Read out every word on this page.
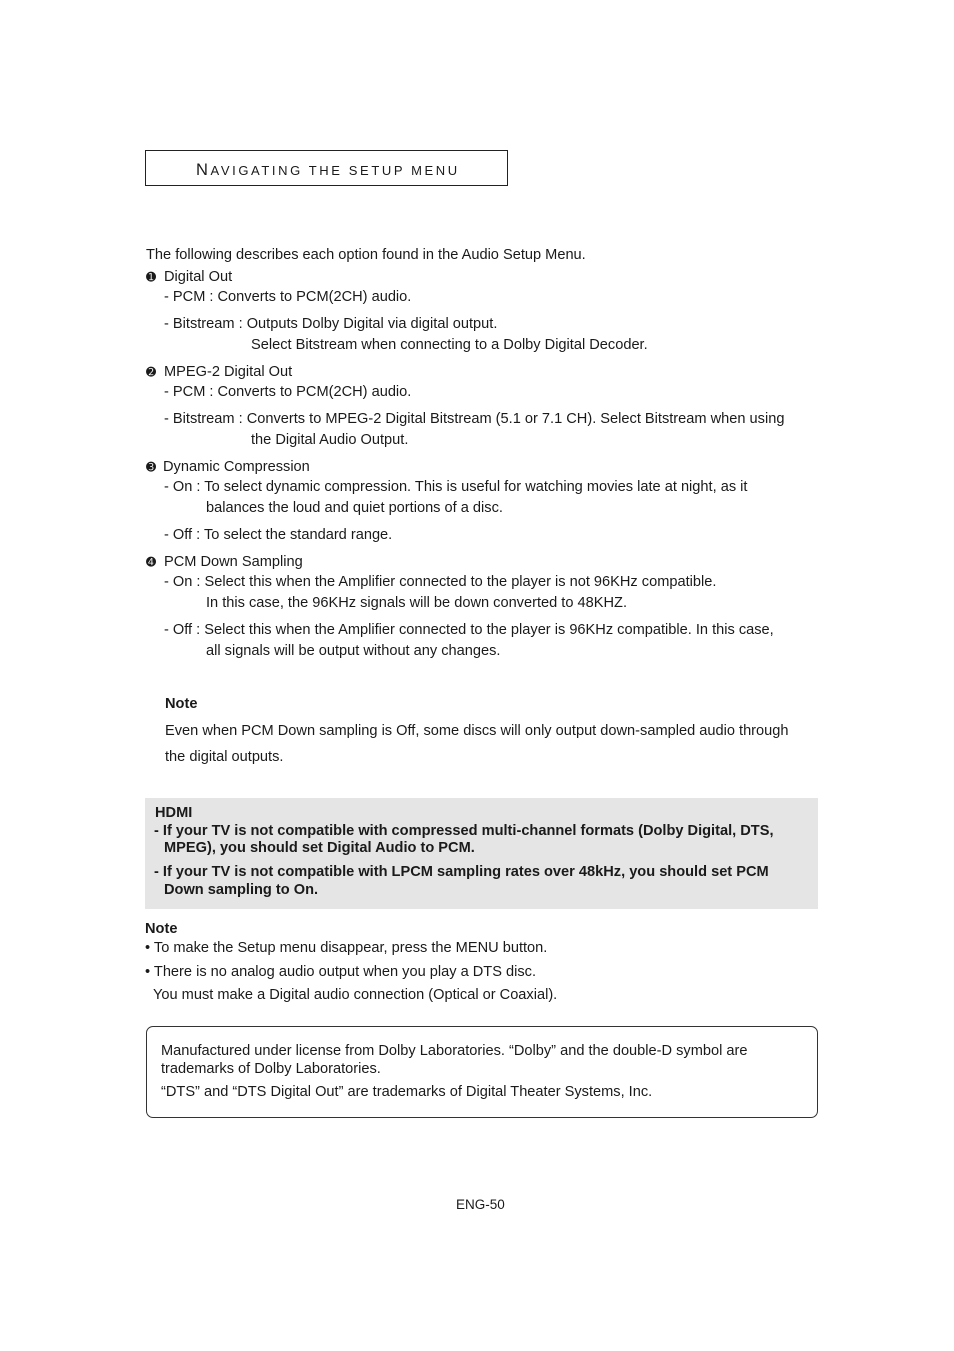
NAVIGATING THE SETUP MENU
The following describes each option found in the Audio Setup Menu.
➊ Digital Out
- PCM : Converts to PCM(2CH) audio.
- Bitstream : Outputs Dolby Digital via digital output.
Select Bitstream when connecting to a Dolby Digital Decoder.
➋ MPEG-2 Digital Out
- PCM : Converts to PCM(2CH) audio.
- Bitstream : Converts to MPEG-2 Digital Bitstream (5.1 or 7.1 CH). Select Bitstream when using
the Digital Audio Output.
➌ Dynamic Compression
- On : To select dynamic compression. This is useful for watching movies late at night, as it
balances the loud and quiet portions of a disc.
- Off : To select the standard range.
➍ PCM Down Sampling
- On : Select this when the Amplifier connected to the player is not 96KHz compatible.
In this case, the 96KHz signals will be down converted to 48KHZ.
- Off : Select this when the Amplifier connected to the player is 96KHz compatible. In this case,
all signals will be output without any changes.
Note
Even when PCM Down sampling is Off, some discs will only output down-sampled audio through
the digital outputs.
HDMI
- If your TV is not compatible with compressed multi-channel formats (Dolby Digital, DTS,
MPEG), you should set Digital Audio to PCM.
- If your TV is not compatible with LPCM sampling rates over 48kHz, you should set PCM
Down sampling to On.
Note
• To make the Setup menu disappear, press the MENU button.
• There is no analog audio output when you play a DTS disc.
You must make a Digital audio connection (Optical or Coaxial).
Manufactured under license from Dolby Laboratories. “Dolby” and the double-D symbol are
trademarks of Dolby Laboratories.
“DTS” and “DTS Digital Out” are trademarks of Digital Theater Systems, Inc.
ENG-50
